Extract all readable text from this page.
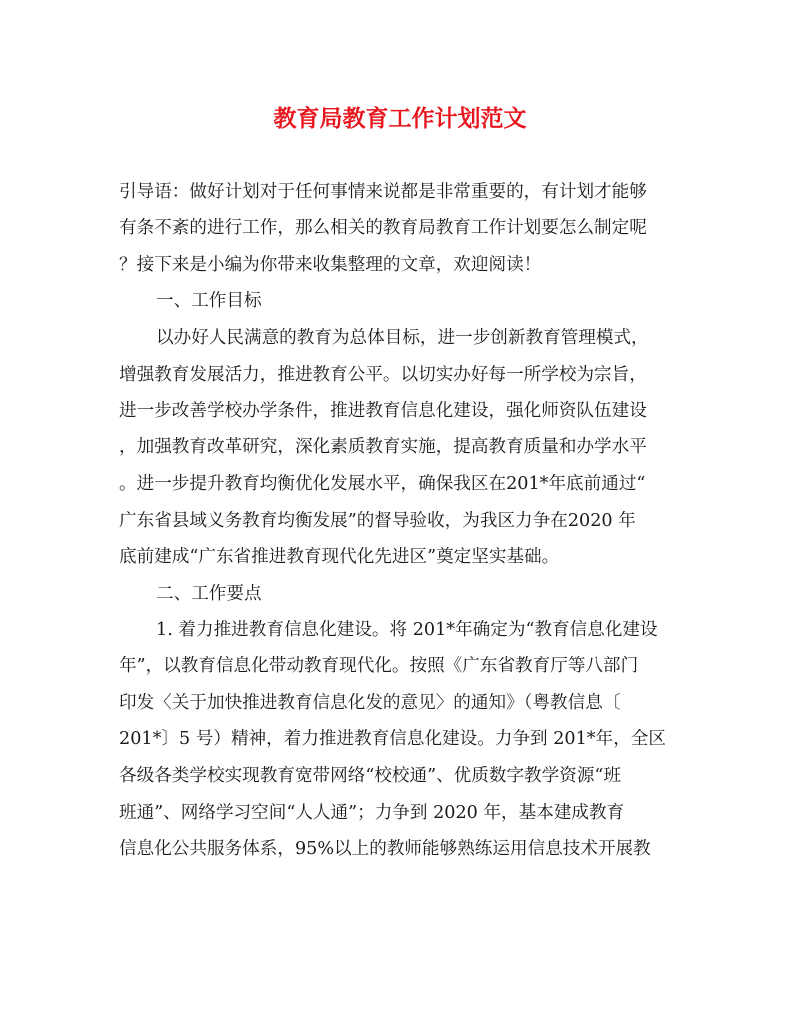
教育局教育工作计划范文
引导语：做好计划对于任何事情来说都是非常重要的，有计划才能够
有条不紊的进行工作，那么相关的教育局教育工作计划要怎么制定呢
？接下来是小编为你带来收集整理的文章，欢迎阅读！
一、工作目标
以办好人民满意的教育为总体目标，进一步创新教育管理模式，
增强教育发展活力，推进教育公平。以切实办好每一所学校为宗旨，
进一步改善学校办学条件，推进教育信息化建设，强化师资队伍建设
，加强教育改革研究，深化素质教育实施，提高教育质量和办学水平
。进一步提升教育均衡优化发展水平，确保我区在201*年底前通过“
广东省县域义务教育均衡发展”的督导验收，为我区力争在2020 年
底前建成“广东省推进教育现代化先进区”奠定坚实基础。
二、工作要点
1. 着力推进教育信息化建设。将 201*年确定为“教育信息化建设
年”，以教育信息化带动教育现代化。按照《广东省教育厅等八部门
印发〈关于加快推进教育信息化发的意见〉的通知》（粤教信息〔
201*〕5 号）精神，着力推进教育信息化建设。力争到 201*年，全区
各级各类学校实现教育宽带网络“校校通”、优质数字教学资源“班
班通”、网络学习空间“人人通”；力争到 2020 年，基本建成教育
信息化公共服务体系，95%以上的教师能够熟练运用信息技术开展教
